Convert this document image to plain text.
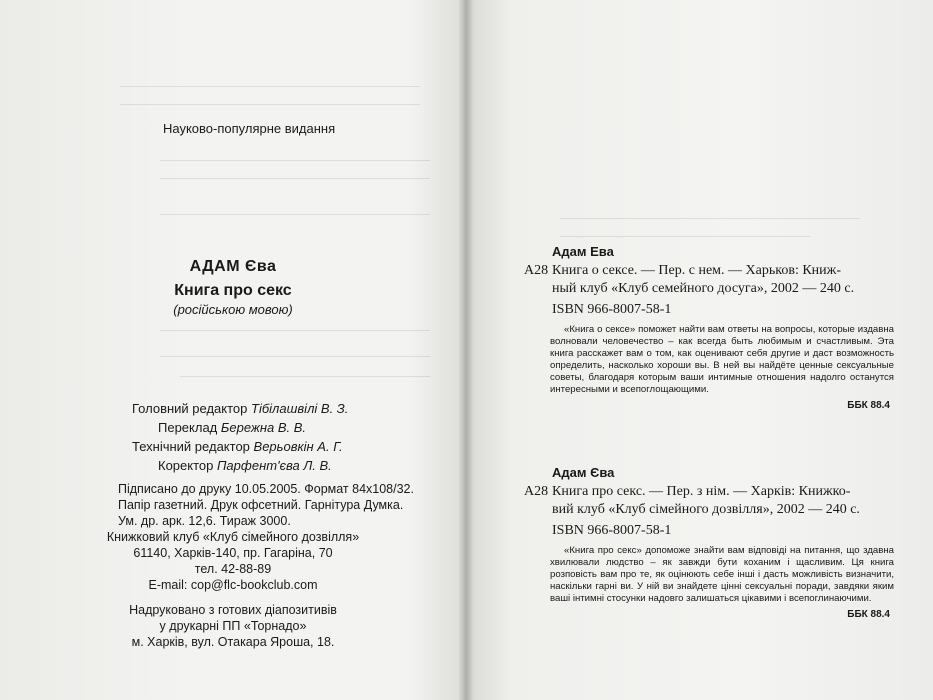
Науково-популярне видання
АДАМ Єва
Книга про секс
(російською мовою)
Головний редактор Тібілашвілі В. З.
Переклад Бережна В. В.
Технічний редактор Верьовкін А. Г.
Коректор Парфент'єва Л. В.
Підписано до друку 10.05.2005. Формат 84x108/32.
Папір газетний. Друк офсетний. Гарнітура Думка.
Ум. др. арк. 12,6. Тираж 3000.
Книжковий клуб «Клуб сімейного дозвілля»
61140, Харків-140, пр. Гагаріна, 70
тел. 42-88-89
E-mail: cop@flc-bookclub.com
Надруковано з готових діапозитивів
у друкарні ПП «Торнадо»
м. Харків, вул. Отакара Яроша, 18.
Адам Ева
А28 Книга о сексе. — Пер. с нем. — Харьков: Книж-
ный клуб «Клуб семейного досуга», 2002 — 240 с.
ISBN 966-8007-58-1
«Книга о сексе» поможет найти вам ответы на вопросы, которые издавна волновали человечество – как всегда быть любимым и счастливым. Эта книга расскажет вам о том, как оценивают себя другие и даст возможность определить, насколько хороши вы. В ней вы найдёте ценные сексуальные советы, благодаря которым ваши интимные отношения надолго останутся интересными и всепоглощающими.
ББК 88.4
Адам Єва
А28 Книга про секс. — Пер. з нім. — Харків: Книжко-
вий клуб «Клуб сімейного дозвілля», 2002 — 240 с.
ISBN 966-8007-58-1
«Книга про секс» допоможе знайти вам відповіді на питання, що здавна хвилювали людство – як завжди бути коханим і щасливим. Ця книга розповість вам про те, як оцінюють себе інші і дасть можливість визначити, наскільки гарні ви. У ній ви знайдете цінні сексуальні поради, завдяки яким ваші інтимні стосунки надовго залишаться цікавими і всепоглинаючими.
ББК 88.4
